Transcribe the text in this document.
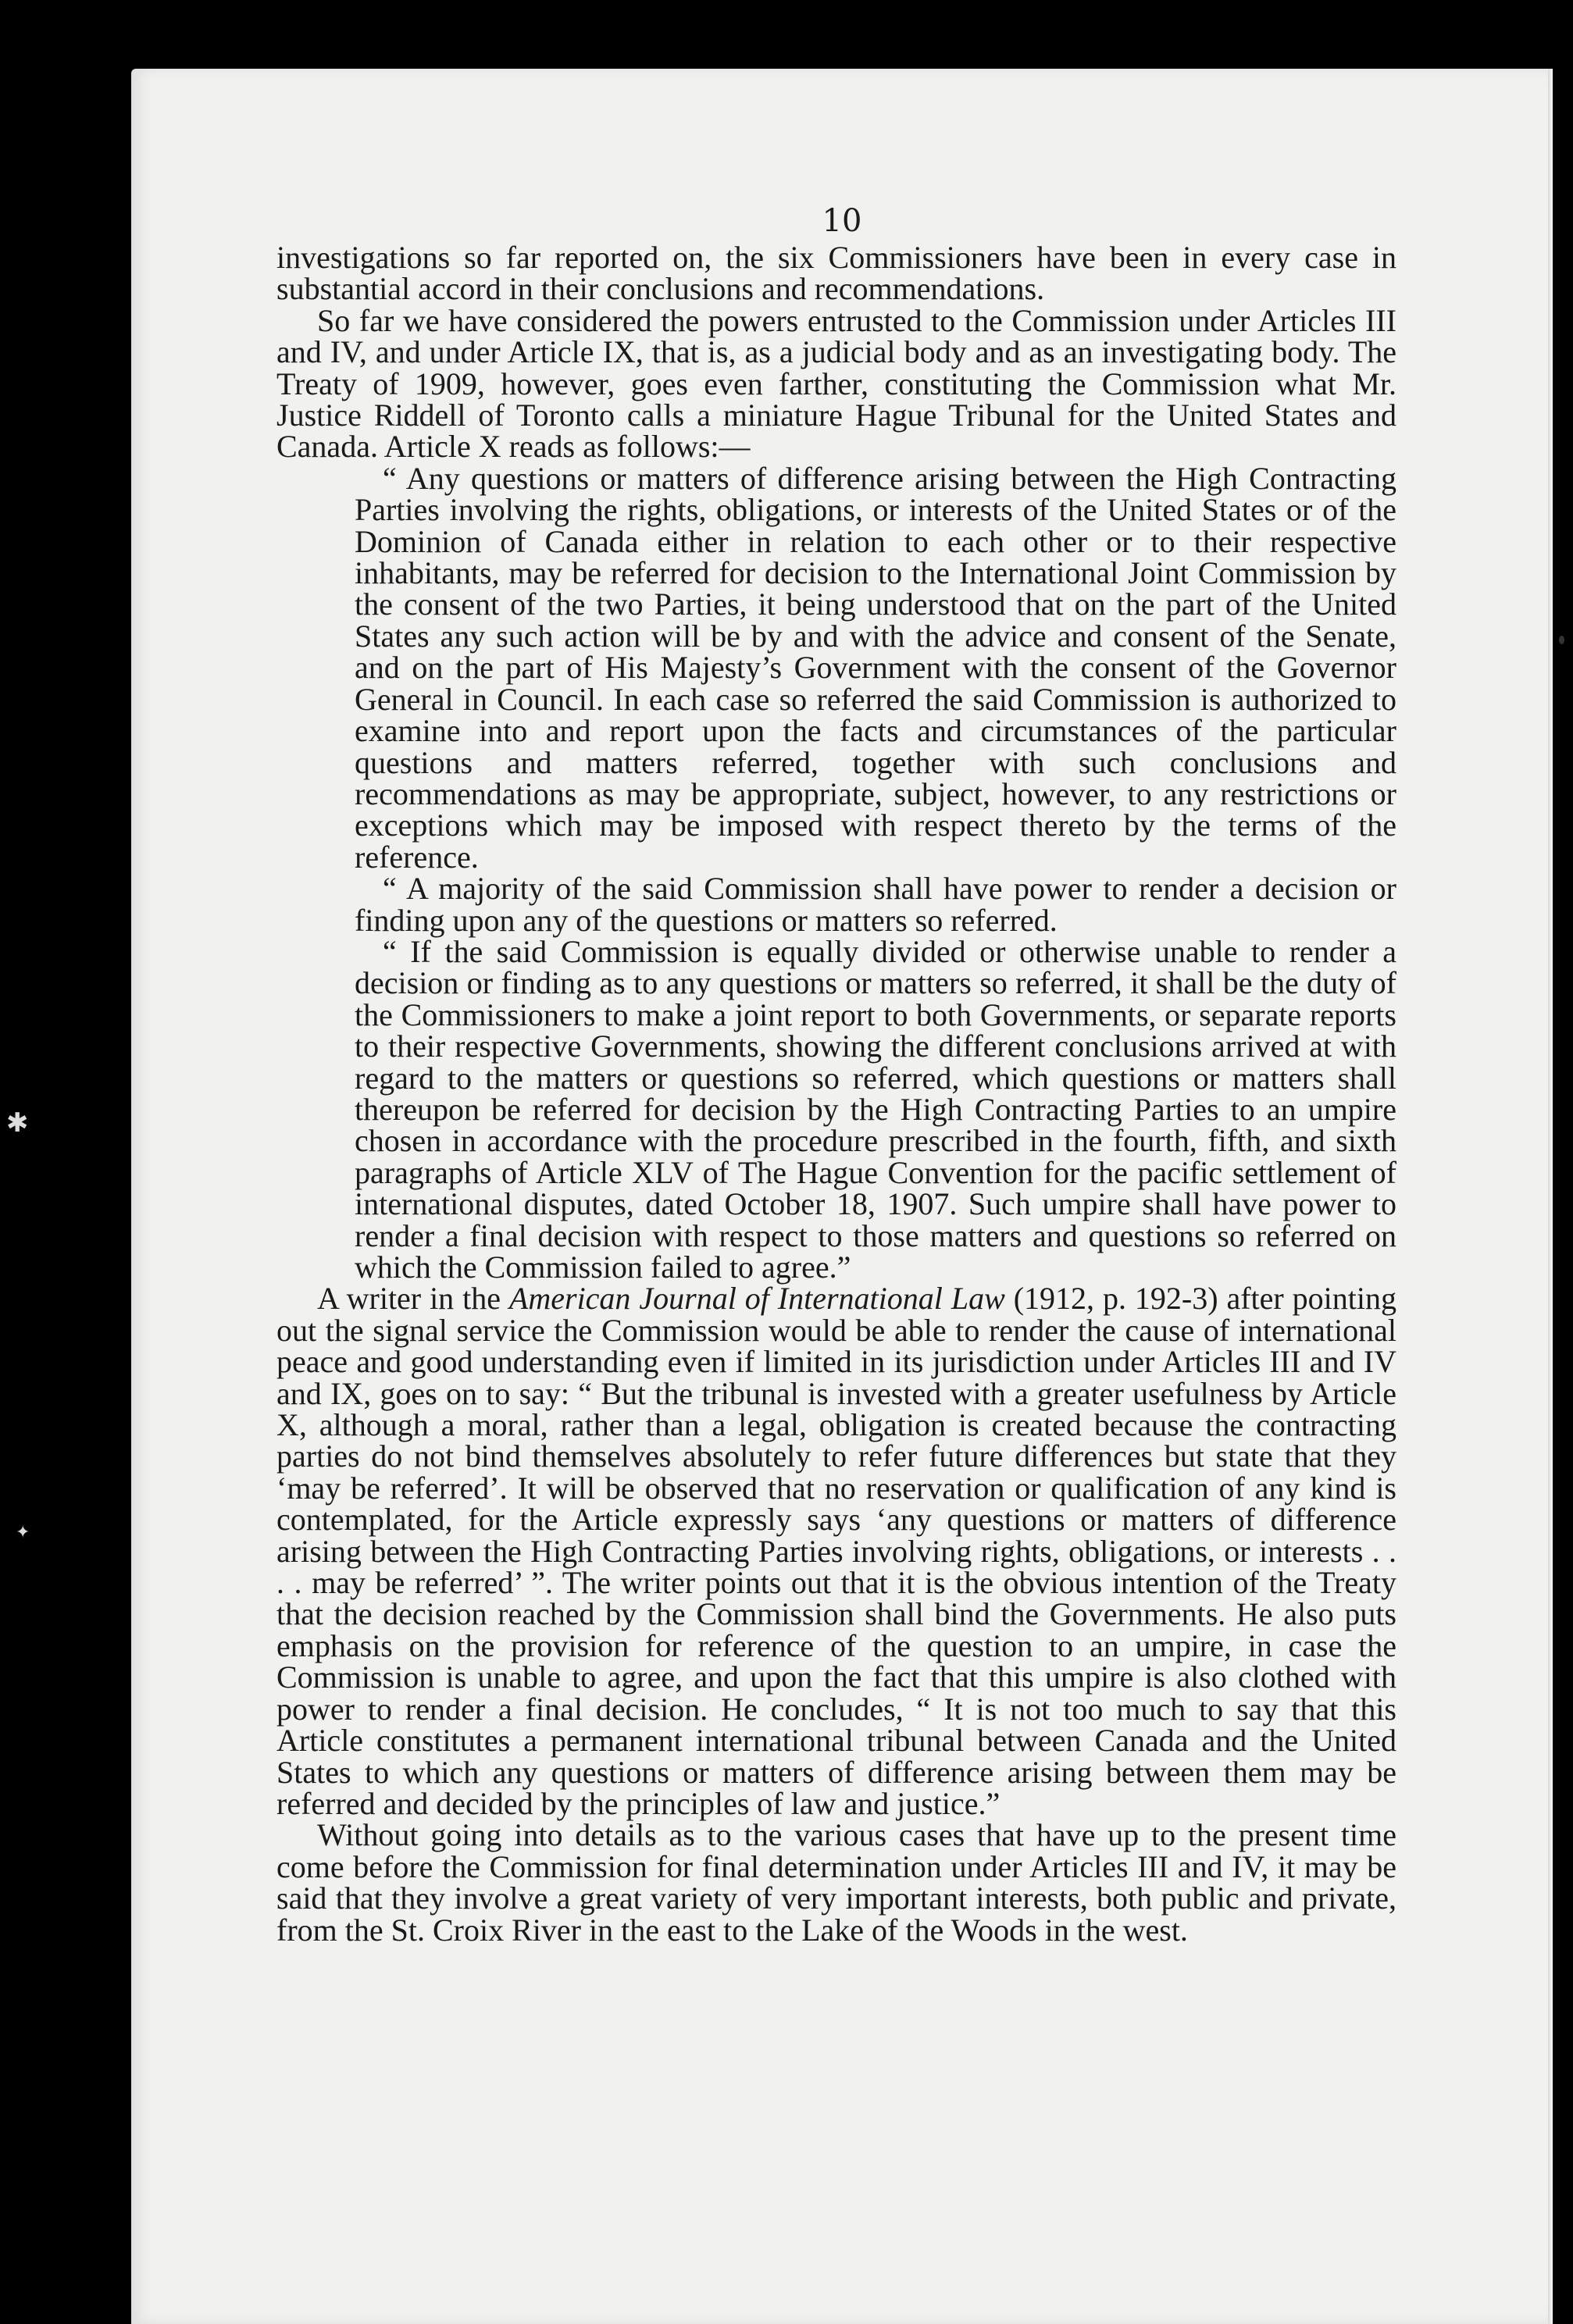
10

investigations so far reported on, the six Commissioners have been in every case in substantial accord in their conclusions and recommendations.

So far we have considered the powers entrusted to the Commission under Articles III and IV, and under Article IX, that is, as a judicial body and as an investigating body. The Treaty of 1909, however, goes even farther, constituting the Commission what Mr. Justice Riddell of Toronto calls a miniature Hague Tribunal for the United States and Canada. Article X reads as follows:—

“ Any questions or matters of difference arising between the High Contracting Parties involving the rights, obligations, or interests of the United States or of the Dominion of Canada either in relation to each other or to their respective inhabitants, may be referred for decision to the International Joint Commission by the consent of the two Parties, it being understood that on the part of the United States any such action will be by and with the advice and consent of the Senate, and on the part of His Majesty’s Government with the consent of the Governor General in Council. In each case so referred the said Commission is authorized to examine into and report upon the facts and circumstances of the particular questions and matters referred, together with such conclusions and recommendations as may be appropriate, subject, however, to any restrictions or exceptions which may be imposed with respect thereto by the terms of the reference.

“ A majority of the said Commission shall have power to render a decision or finding upon any of the questions or matters so referred.

“ If the said Commission is equally divided or otherwise unable to render a decision or finding as to any questions or matters so referred, it shall be the duty of the Commissioners to make a joint report to both Governments, or separate reports to their respective Governments, showing the different conclusions arrived at with regard to the matters or questions so referred, which questions or matters shall thereupon be referred for decision by the High Contracting Parties to an umpire chosen in accordance with the procedure prescribed in the fourth, fifth, and sixth paragraphs of Article XLV of The Hague Convention for the pacific settlement of international disputes, dated October 18, 1907. Such umpire shall have power to render a final decision with respect to those matters and questions so referred on which the Commission failed to agree.”

A writer in the American Journal of International Law (1912, p. 192-3) after pointing out the signal service the Commission would be able to render the cause of international peace and good understanding even if limited in its jurisdiction under Articles III and IV and IX, goes on to say: “ But the tribunal is invested with a greater usefulness by Article X, although a moral, rather than a legal, obligation is created because the contracting parties do not bind themselves absolutely to refer future differences but state that they ‘may be referred’. It will be observed that no reservation or qualification of any kind is contemplated, for the Article expressly says ‘any questions or matters of difference arising between the High Contracting Parties involving rights, obligations, or interests . . . . may be referred’ ”. The writer points out that it is the obvious intention of the Treaty that the decision reached by the Commission shall bind the Governments. He also puts emphasis on the provision for reference of the question to an umpire, in case the Commission is unable to agree, and upon the fact that this umpire is also clothed with power to render a final decision. He concludes, “ It is not too much to say that this Article constitutes a permanent international tribunal between Canada and the United States to which any questions or matters of difference arising between them may be referred and decided by the principles of law and justice.”

Without going into details as to the various cases that have up to the present time come before the Commission for final determination under Articles III and IV, it may be said that they involve a great variety of very important interests, both public and private, from the St. Croix River in the east to the Lake of the Woods in the west.

✱
✦
